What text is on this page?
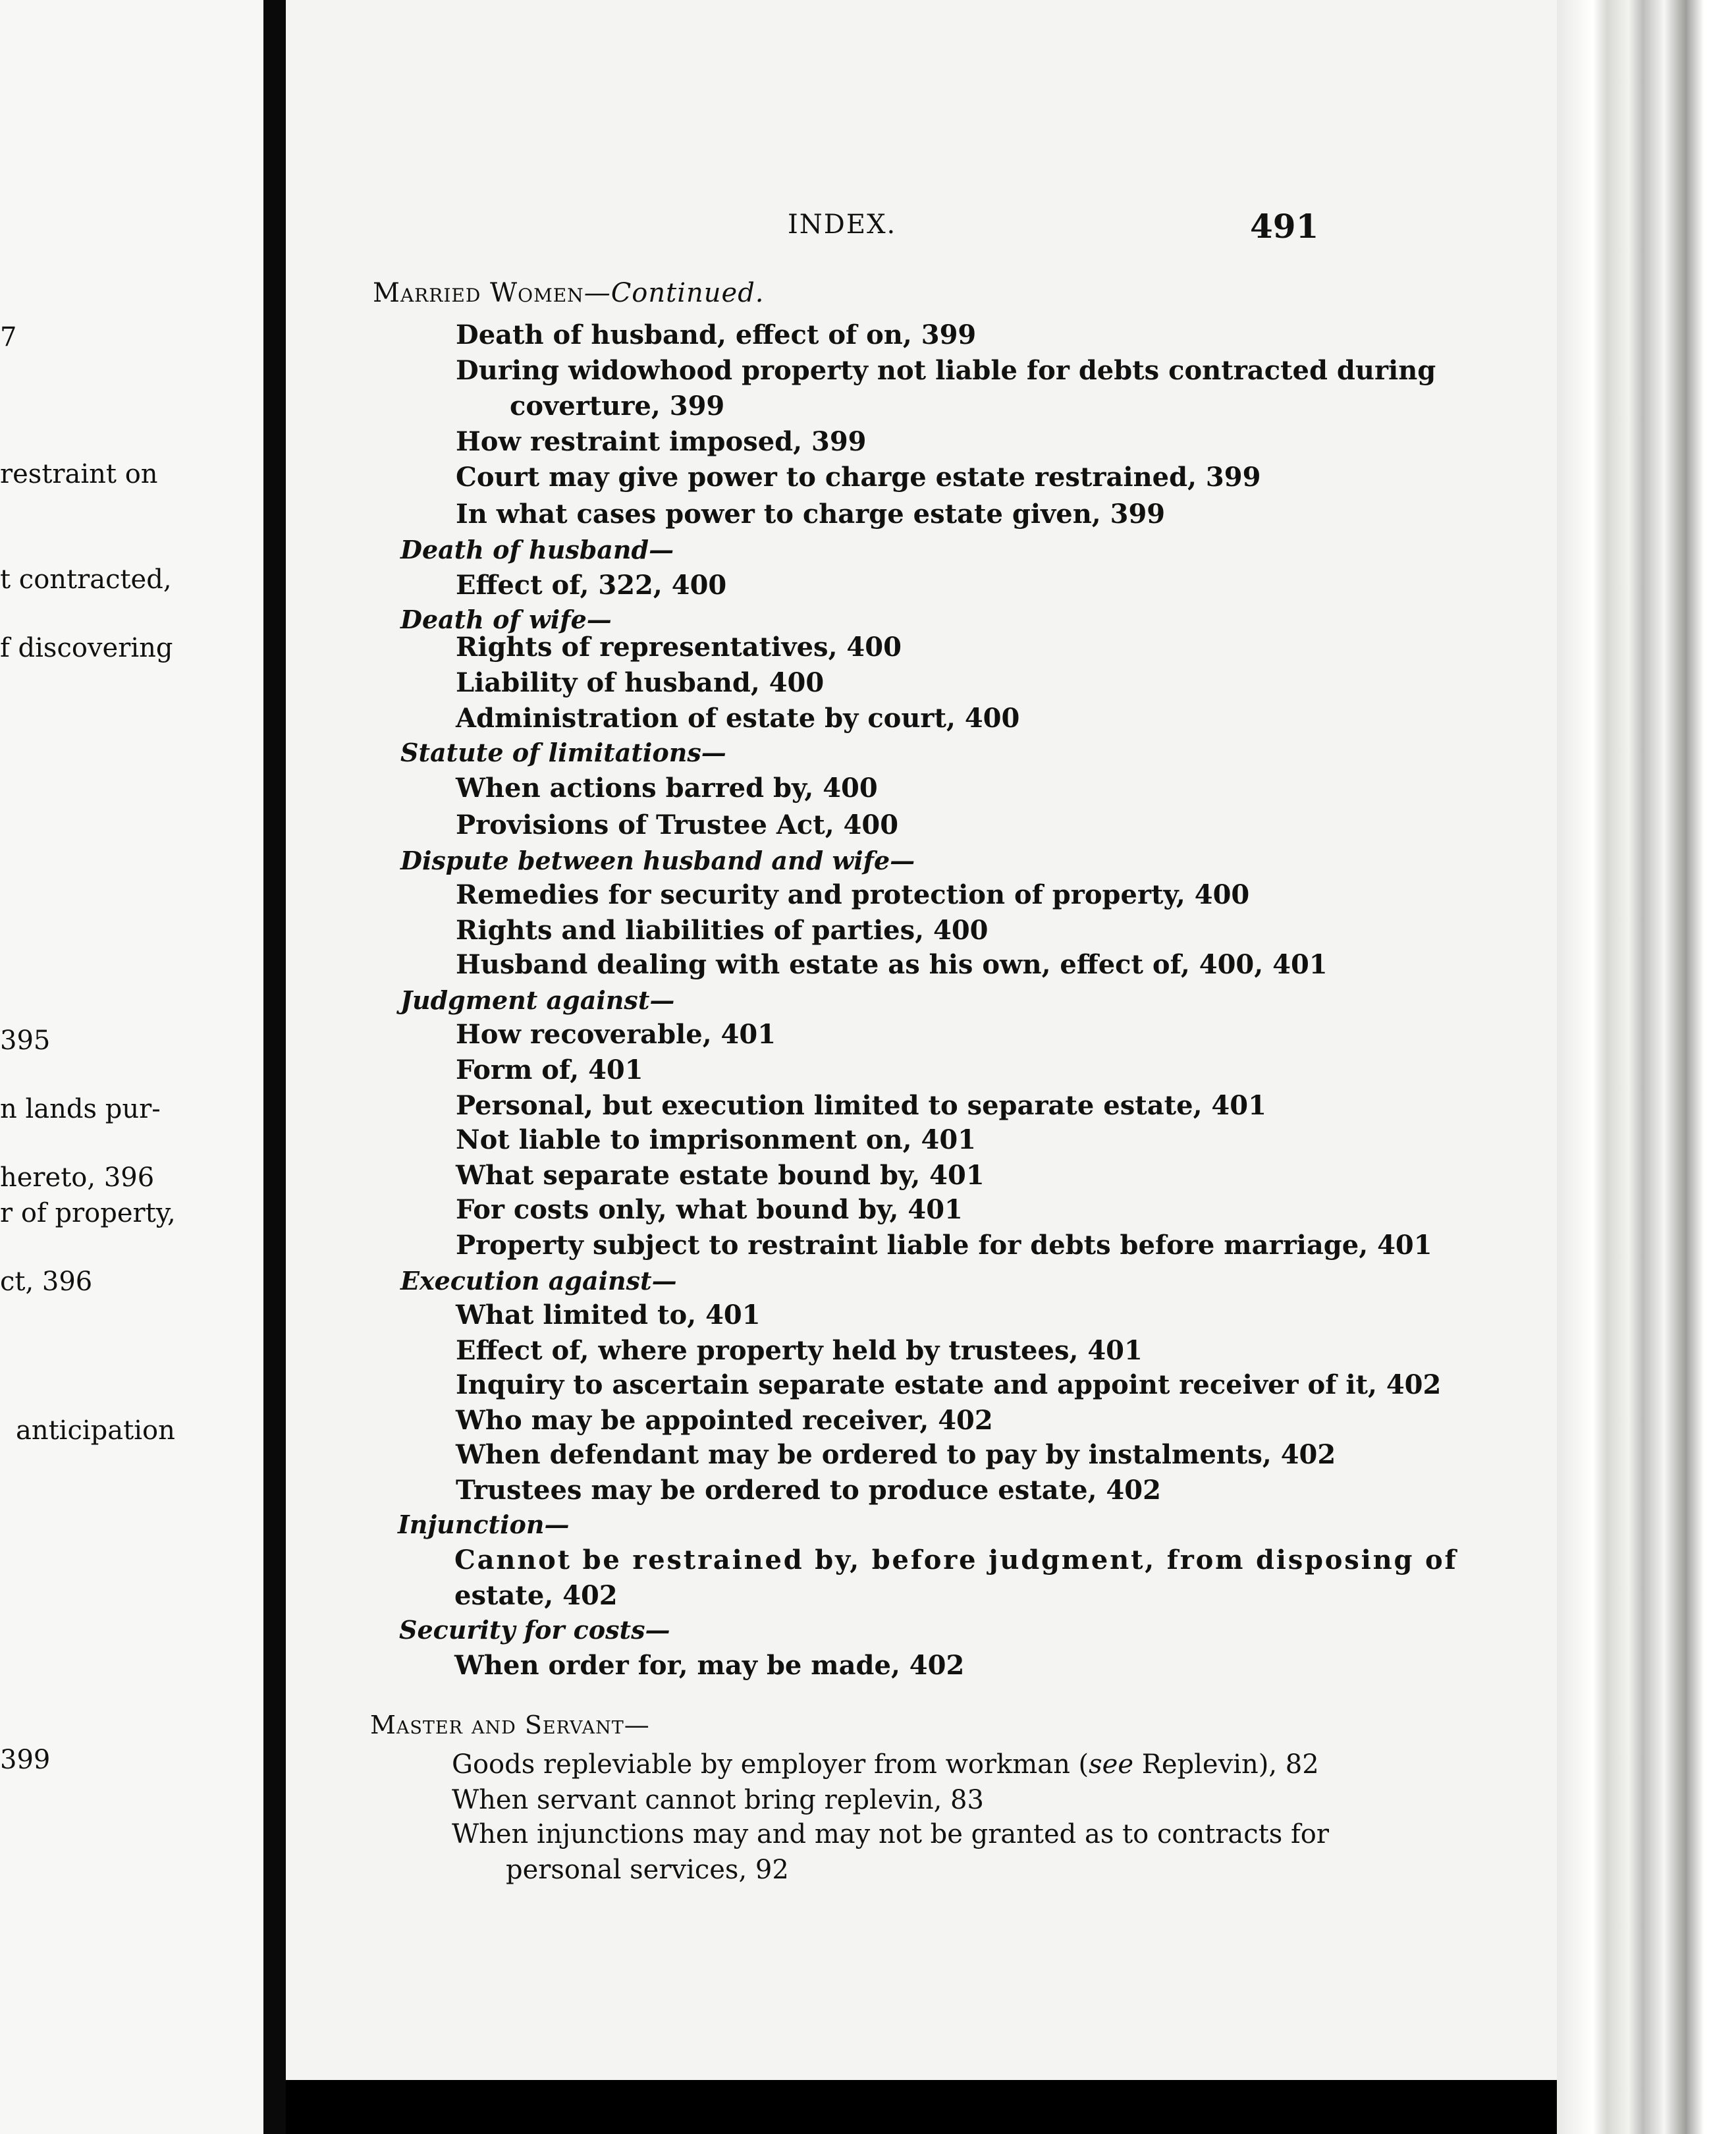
7
restraint on
t contracted,
f discovering
395
n lands pur-
hereto, 396
r of property,
ct, 396
anticipation
399
INDEX.	491
Married Women—Continued.
Death of husband, effect of on, 399
During widowhood property not liable for debts contracted during
coverture, 399
How restraint imposed, 399
Court may give power to charge estate restrained, 399
In what cases power to charge estate given, 399
Death of husband—
Effect of, 322, 400
Death of wife—
Rights of representatives, 400
Liability of husband, 400
Administration of estate by court, 400
Statute of limitations—
When actions barred by, 400
Provisions of Trustee Act, 400
Dispute between husband and wife—
Remedies for security and protection of property, 400
Rights and liabilities of parties, 400
Husband dealing with estate as his own, effect of, 400, 401
Judgment against—
How recoverable, 401
Form of, 401
Personal, but execution limited to separate estate, 401
Not liable to imprisonment on, 401
What separate estate bound by, 401
For costs only, what bound by, 401
Property subject to restraint liable for debts before marriage, 401
Execution against—
What limited to, 401
Effect of, where property held by trustees, 401
Inquiry to ascertain separate estate and appoint receiver of it, 402
Who may be appointed receiver, 402
When defendant may be ordered to pay by instalments, 402
Trustees may be ordered to produce estate, 402
Injunction—
Cannot be restrained by, before judgment, from disposing of
estate, 402
Security for costs—
When order for, may be made, 402
Master and Servant—
Goods repleviable by employer from workman (see Replevin), 82
When servant cannot bring replevin, 83
When injunctions may and may not be granted as to contracts for
personal services, 92
